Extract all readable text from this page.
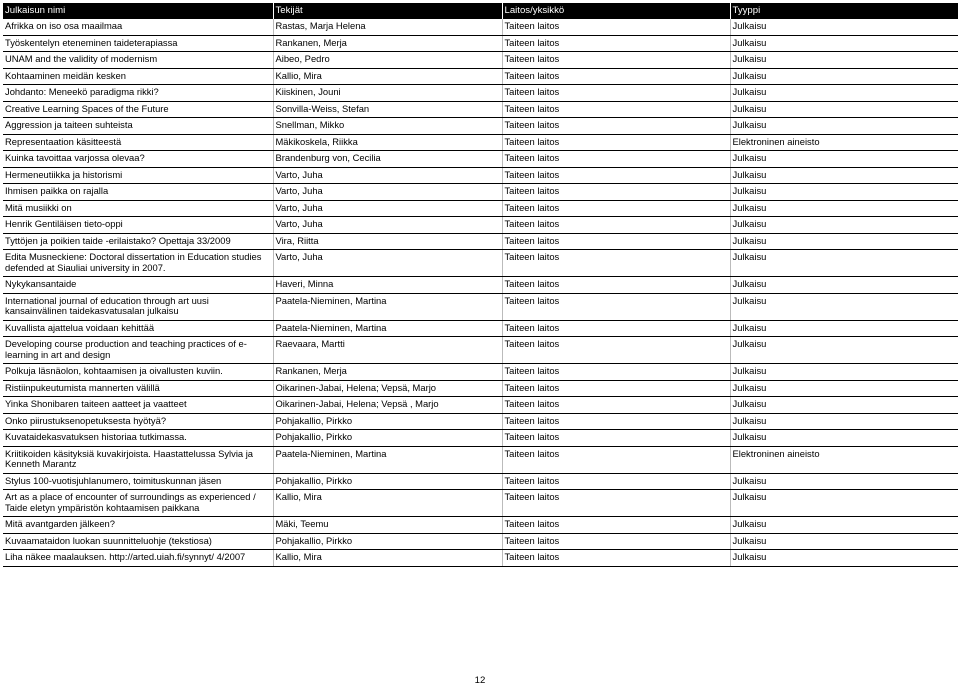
Julkaisun nimi	Tekijät	Laitos/yksikkö	Tyyppi
Afrikka on iso osa maailmaa	Rastas, Marja Helena	Taiteen laitos	Julkaisu
Työskentelyn eteneminen taideterapiassa	Rankanen, Merja	Taiteen laitos	Julkaisu
UNAM and the validity of modernism	Aibeo, Pedro	Taiteen laitos	Julkaisu
Kohtaaminen meidän kesken	Kallio, Mira	Taiteen laitos	Julkaisu
Johdanto: Meneekö paradigma rikki?	Kiiskinen, Jouni	Taiteen laitos	Julkaisu
Creative Learning Spaces of the Future	Sonvilla-Weiss, Stefan	Taiteen laitos	Julkaisu
Aggression ja taiteen suhteista	Snellman, Mikko	Taiteen laitos	Julkaisu
Representaation käsitteestä	Mäkikoskela, Riikka	Taiteen laitos	Elektroninen aineisto
Kuinka tavoittaa varjossa olevaa?	Brandenburg von, Cecilia	Taiteen laitos	Julkaisu
Hermeneutiikka ja historismi	Varto, Juha	Taiteen laitos	Julkaisu
Ihmisen paikka on rajalla	Varto, Juha	Taiteen laitos	Julkaisu
Mitä musiikki on	Varto, Juha	Taiteen laitos	Julkaisu
Henrik Gentiläisen tieto-oppi	Varto, Juha	Taiteen laitos	Julkaisu
Tyttöjen ja poikien taide -erilaistako? Opettaja 33/2009	Vira, Riitta	Taiteen laitos	Julkaisu
Edita Musneckiene: Doctoral dissertation in Education studies defended at Siauliai university in 2007.	Varto, Juha	Taiteen laitos	Julkaisu
Nykykansantaide	Haveri, Minna	Taiteen laitos	Julkaisu
International journal of education through art uusi kansainvälinen taidekasvatusalan julkaisu	Paatela-Nieminen, Martina	Taiteen laitos	Julkaisu
Kuvallista ajattelua voidaan kehittää	Paatela-Nieminen, Martina	Taiteen laitos	Julkaisu
Developing course production and teaching practices of e-learning in art and design	Raevaara, Martti	Taiteen laitos	Julkaisu
Polkuja läsnäolon, kohtaamisen ja oivallusten kuviin.	Rankanen, Merja	Taiteen laitos	Julkaisu
Ristiinpukeutumista mannerten välillä	Oikarinen-Jabai, Helena; Vepsä, Marjo	Taiteen laitos	Julkaisu
Yinka Shonibaren taiteen aatteet ja vaatteet	Oikarinen-Jabai, Helena; Vepsä , Marjo	Taiteen laitos	Julkaisu
Onko piirustuksenopetuksesta hyötyä?	Pohjakallio, Pirkko	Taiteen laitos	Julkaisu
Kuvataidekasvatuksen historiaa tutkimassa.	Pohjakallio, Pirkko	Taiteen laitos	Julkaisu
Kriitikoiden käsityksiä kuvakirjoista. Haastattelussa Sylvia ja Kenneth Marantz	Paatela-Nieminen, Martina	Taiteen laitos	Elektroninen aineisto
Stylus 100-vuotisjuhlanumero, toimituskunnan jäsen	Pohjakallio, Pirkko	Taiteen laitos	Julkaisu
Art as a place of encounter of surroundings as experienced / Taide eletyn ympäristön kohtaamisen paikkana	Kallio, Mira	Taiteen laitos	Julkaisu
Mitä avantgarden jälkeen?	Mäki, Teemu	Taiteen laitos	Julkaisu
Kuvaamataidon luokan suunnitteluohje (tekstiosa)	Pohjakallio, Pirkko	Taiteen laitos	Julkaisu
Liha näkee maalauksen. http://arted.uiah.fi/synnyt/ 4/2007	Kallio, Mira	Taiteen laitos	Julkaisu
12
